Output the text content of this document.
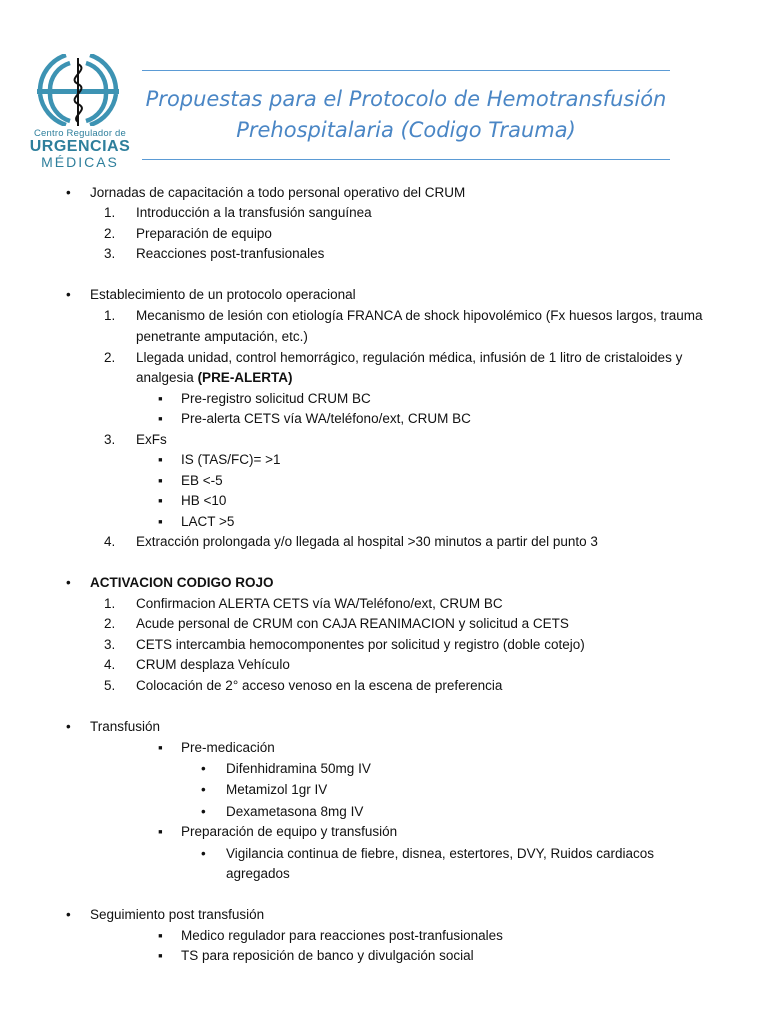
Centro Regulador de
URGENCIAS
MÉDICAS
Propuestas para el Protocolo de Hemotransfusión
Prehospitalaria (Codigo Trauma)
• Jornadas de capacitación a todo personal operativo del CRUM
1. Introducción a la transfusión sanguínea
2. Preparación de equipo
3. Reacciones post-tranfusionales
• Establecimiento de un protocolo operacional
1. Mecanismo de lesión con etiología FRANCA de shock hipovolémico (Fx huesos largos, trauma
penetrante amputación, etc.)
2. Llegada unidad, control hemorrágico, regulación médica, infusión de 1 litro de cristaloides y
analgesia (PRE-ALERTA)
▪ Pre-registro solicitud CRUM BC
▪ Pre-alerta CETS vía WA/teléfono/ext, CRUM BC
3. ExFs
▪ IS (TAS/FC)= >1
▪ EB <-5
▪ HB <10
▪ LACT >5
4. Extracción prolongada y/o llegada al hospital >30 minutos a partir del punto 3
• ACTIVACION CODIGO ROJO
1. Confirmacion ALERTA CETS vía WA/Teléfono/ext, CRUM BC
2. Acude personal de CRUM con CAJA REANIMACION y solicitud a CETS
3. CETS intercambia hemocomponentes por solicitud y registro (doble cotejo)
4. CRUM desplaza Vehículo
5. Colocación de 2° acceso venoso en la escena de preferencia
• Transfusión
▪ Pre-medicación
• Difenhidramina 50mg IV
• Metamizol 1gr IV
• Dexametasona 8mg IV
▪ Preparación de equipo y transfusión
• Vigilancia continua de fiebre, disnea, estertores, DVY, Ruidos cardiacos
agregados
• Seguimiento post transfusión
▪ Medico regulador para reacciones post-tranfusionales
▪ TS para reposición de banco y divulgación social
